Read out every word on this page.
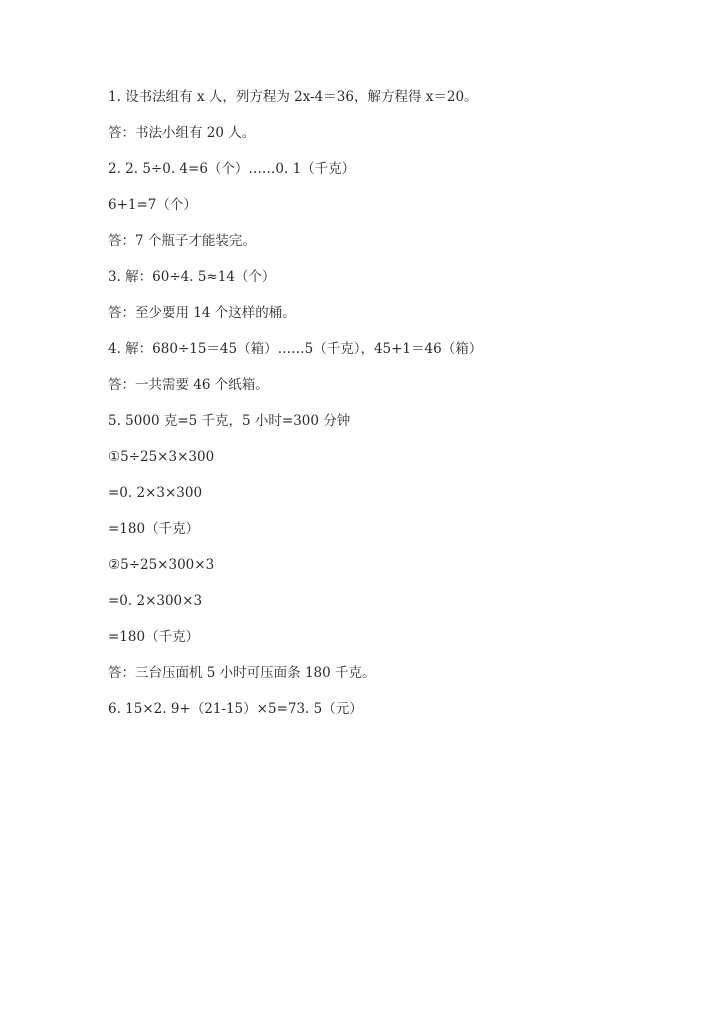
1. 设书法组有 x 人，列方程为 2x-4＝36，解方程得 x＝20。
答：书法小组有 20 人。
2. 2. 5÷0. 4=6（个）……0. 1（千克）
6+1=7（个）
答：7 个瓶子才能装完。
3. 解：60÷4. 5≈14（个）
答：至少要用 14 个这样的桶。
4. 解：680÷15＝45（箱）……5（千克），45+1＝46（箱）
答：一共需要 46 个纸箱。
5. 5000 克=5 千克，5 小时=300 分钟
①5÷25×3×300
=0. 2×3×300
=180（千克）
②5÷25×300×3
=0. 2×300×3
=180（千克）
答：三台压面机 5 小时可压面条 180 千克。
6. 15×2. 9+（21-15）×5=73. 5（元）
